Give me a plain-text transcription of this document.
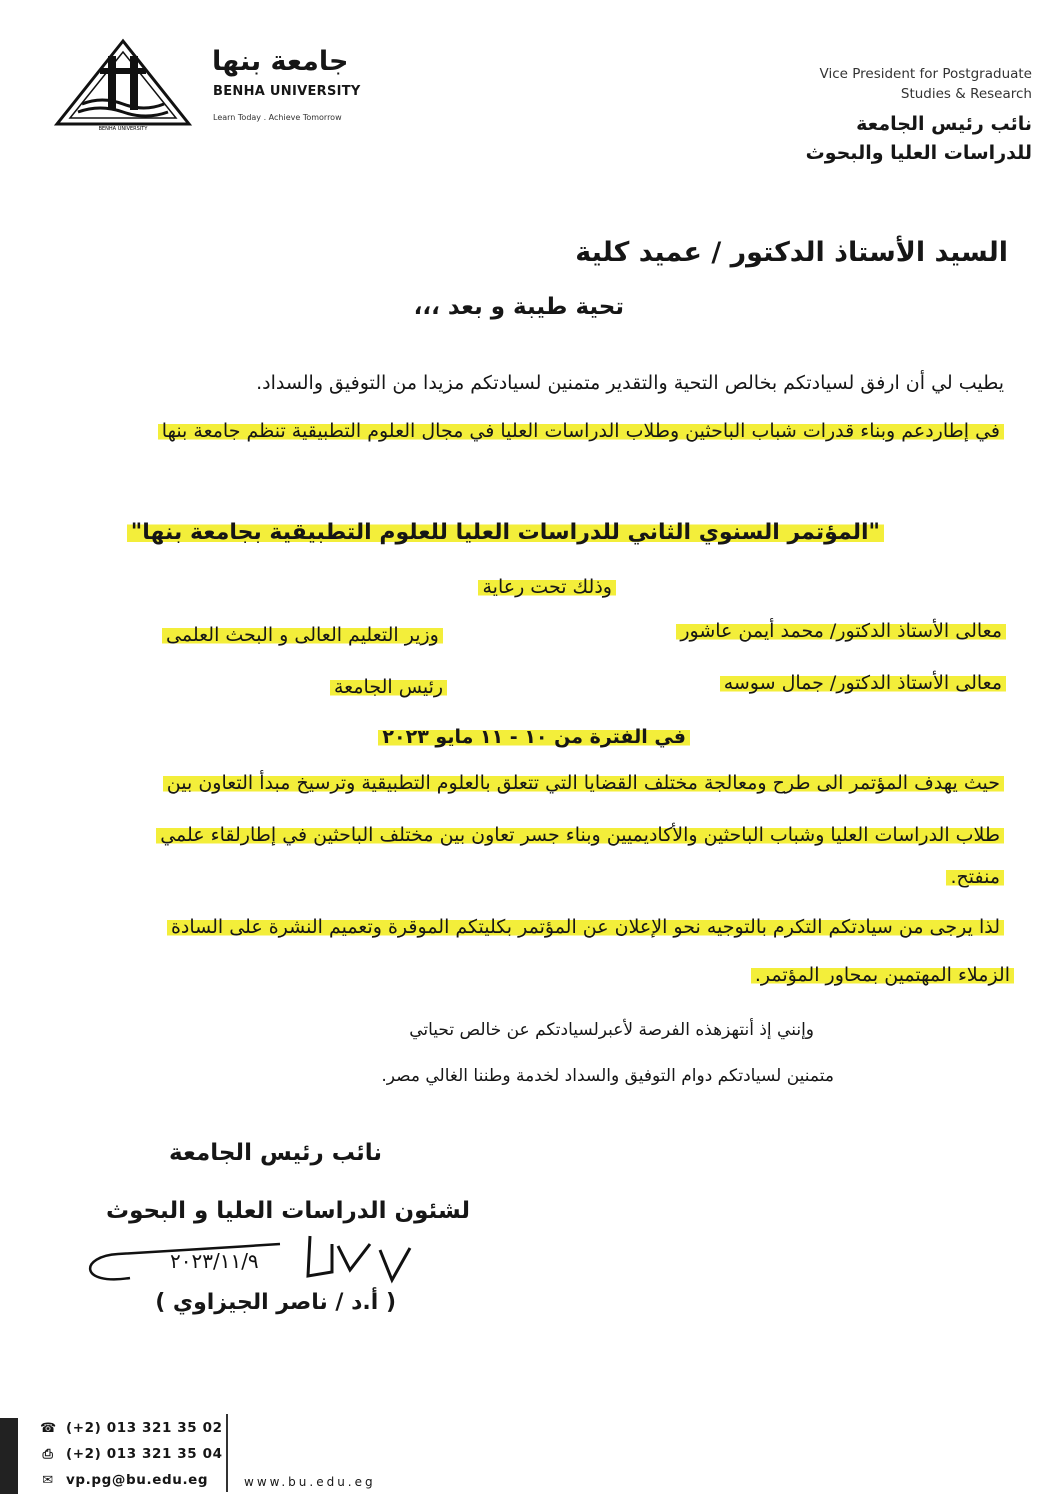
BENHA UNIVERSITY
جامعة بنها
BENHA UNIVERSITY
Learn Today . Achieve Tomorrow
Vice President for Postgraduate
Studies & Research
نائب رئيس الجامعة
للدراسات العليا والبحوث
السيد الأستاذ الدكتور / عميد كلية
تحية طيبة و بعد ،،،
يطيب لي أن ارفق لسيادتكم بخالص التحية والتقدير متمنين لسيادتكم مزيدا من التوفيق والسداد.
في إطاردعم وبناء قدرات شباب الباحثين وطلاب الدراسات العليا في مجال العلوم التطبيقية تنظم جامعة بنها
"المؤتمر السنوي الثاني للدراسات العليا للعلوم التطبيقية بجامعة بنها"
وذلك تحت رعاية
معالى الأستاذ الدكتور/ محمد أيمن عاشور
وزير التعليم العالى و البحث العلمى
معالى الأستاذ الدكتور/ جمال سوسه
رئيس الجامعة
في الفترة من ١٠ - ١١ مايو ٢٠٢٣
حيث يهدف المؤتمر الى طرح ومعالجة مختلف القضايا التي تتعلق بالعلوم التطبيقية وترسيخ مبدأ التعاون بين
طلاب الدراسات العليا وشباب الباحثين والأكاديميين وبناء جسر تعاون بين مختلف الباحثين في إطارلقاء علمي
منفتح.
لذا يرجى من سيادتكم التكرم بالتوجيه نحو الإعلان عن المؤتمر بكليتكم الموقرة وتعميم النشرة على السادة
الزملاء المهتمين بمحاور المؤتمر.
وإنني إذ أنتهزهذه الفرصة لأعبرلسيادتكم عن خالص تحياتي
متمنين لسيادتكم دوام التوفيق والسداد لخدمة وطننا الغالي مصر.
نائب رئيس الجامعة
لشئون الدراسات العليا و البحوث
٢٠٢٣/١١/٩
( أ.د / ناصر الجيزاوي )
☎ (+2) 013 321 35 02
⎙ (+2) 013 321 35 04
✉ vp.pg@bu.edu.eg	www.bu.edu.eg
